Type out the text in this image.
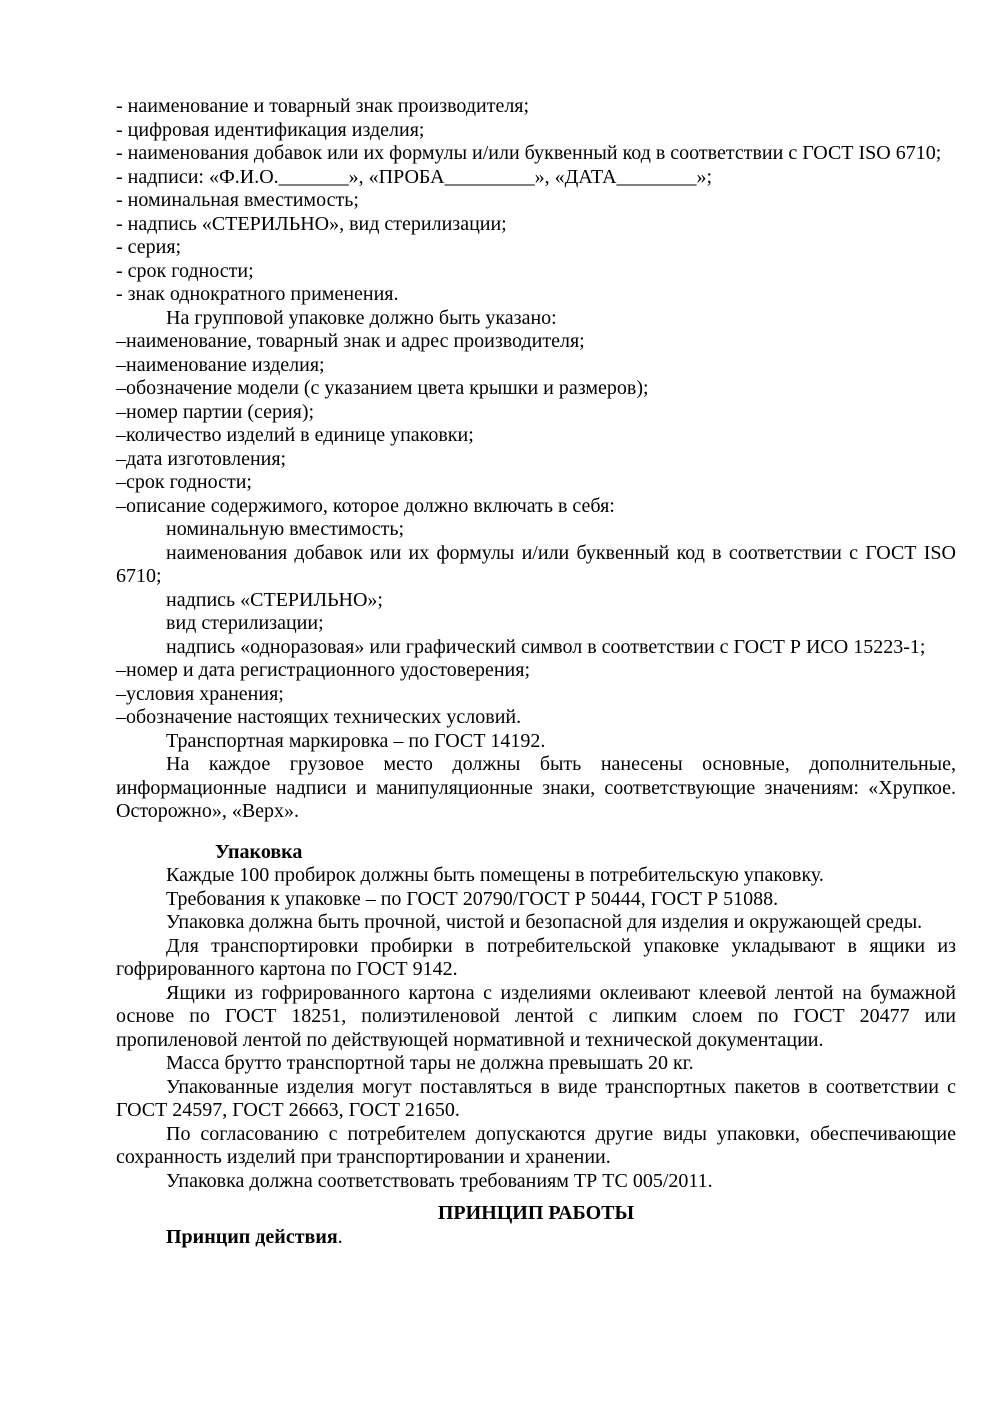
- наименование и товарный знак производителя;

- цифровая идентификация изделия;

- наименования добавок или их формулы и/или буквенный код в соответствии с ГОСТ ISO 6710;

- надписи: «Ф.И.О._______», «ПРОБА_________», «ДАТА________»;

- номинальная вместимость;

- надпись «СТЕРИЛЬНО», вид стерилизации;

- серия;

- срок годности;

- знак однократного применения.

На групповой упаковке должно быть указано:

–наименование, товарный знак и адрес производителя;

–наименование изделия;

–обозначение модели (с указанием цвета крышки и размеров);

–номер партии (серия);

–количество изделий в единице упаковки;

–дата изготовления;

–срок годности;

–описание содержимого, которое должно включать в себя:

номинальную вместимость;

наименования добавок или их формулы и/или буквенный код в соответствии с ГОСТ ISO 6710;

надпись «СТЕРИЛЬНО»;

вид стерилизации;

надпись «одноразовая» или графический символ в соответствии с ГОСТ Р ИСО 15223-1;

–номер и дата регистрационного удостоверения;

–условия хранения;

–обозначение настоящих технических условий.

Транспортная маркировка – по ГОСТ 14192.

На каждое грузовое место должны быть нанесены основные, дополнительные, информационные надписи и манипуляционные знаки, соответствующие значениям: «Хрупкое. Осторожно», «Верх».

Упаковка

Каждые 100 пробирок должны быть помещены в потребительскую упаковку.

Требования к упаковке – по ГОСТ 20790/ГОСТ Р 50444, ГОСТ Р 51088.

Упаковка должна быть прочной, чистой и безопасной для изделия и окружающей среды.

Для транспортировки пробирки в потребительской упаковке укладывают в ящики из гофрированного картона по ГОСТ 9142.

Ящики из гофрированного картона с изделиями оклеивают клеевой лентой на бумажной основе по ГОСТ 18251, полиэтиленовой лентой с липким слоем по ГОСТ 20477 или пропиленовой лентой по действующей нормативной и технической документации.

Масса брутто транспортной тары не должна превышать 20 кг.

Упакованные изделия могут поставляться в виде транспортных пакетов в соответствии с ГОСТ 24597, ГОСТ 26663, ГОСТ 21650.

По согласованию с потребителем допускаются другие виды упаковки, обеспечивающие сохранность изделий при транспортировании и хранении.

Упаковка должна соответствовать требованиям ТР ТС 005/2011.

ПРИНЦИП РАБОТЫ

Принцип действия.
